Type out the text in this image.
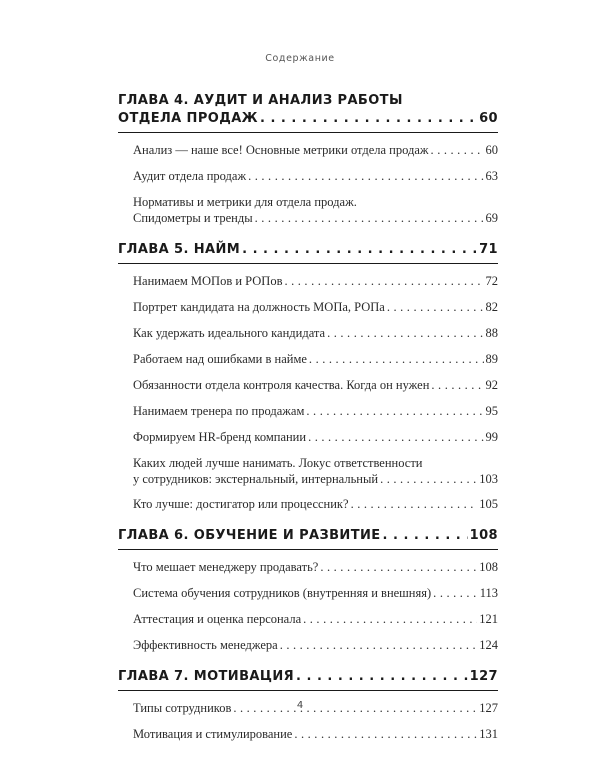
Содержание
ГЛАВА 4. АУДИТ И АНАЛИЗ РАБОТЫ
ОТДЕЛА ПРОДАЖ . . .	60
Анализ — наше все! Основные метрики отдела продаж . . .	60
Аудит отдела продаж . . .	63
Нормативы и метрики для отдела продаж.
Спидометры и тренды . . .	69
ГЛАВА 5. НАЙМ . . .	71
Нанимаем МОПов и РОПов . . .	72
Портрет кандидата на должность МОПа, РОПа . . .	82
Как удержать идеального кандидата . . .	88
Работаем над ошибками в найме . . .	89
Обязанности отдела контроля качества. Когда он нужен . . .	92
Нанимаем тренера по продажам . . .	95
Формируем HR-бренд компании . . .	99
Каких людей лучше нанимать. Локус ответственности
у сотрудников: экстернальный, интернальный . . .	103
Кто лучше: достигатор или процессник? . . .	105
ГЛАВА 6. ОБУЧЕНИЕ И РАЗВИТИЕ . . .	108
Что мешает менеджеру продавать? . . .	108
Система обучения сотрудников (внутренняя и внешняя) . . .	113
Аттестация и оценка персонала . . .	121
Эффективность менеджера . . .	124
ГЛАВА 7. МОТИВАЦИЯ . . .	127
Типы сотрудников . . .	127
Мотивация и стимулирование . . .	131
4
